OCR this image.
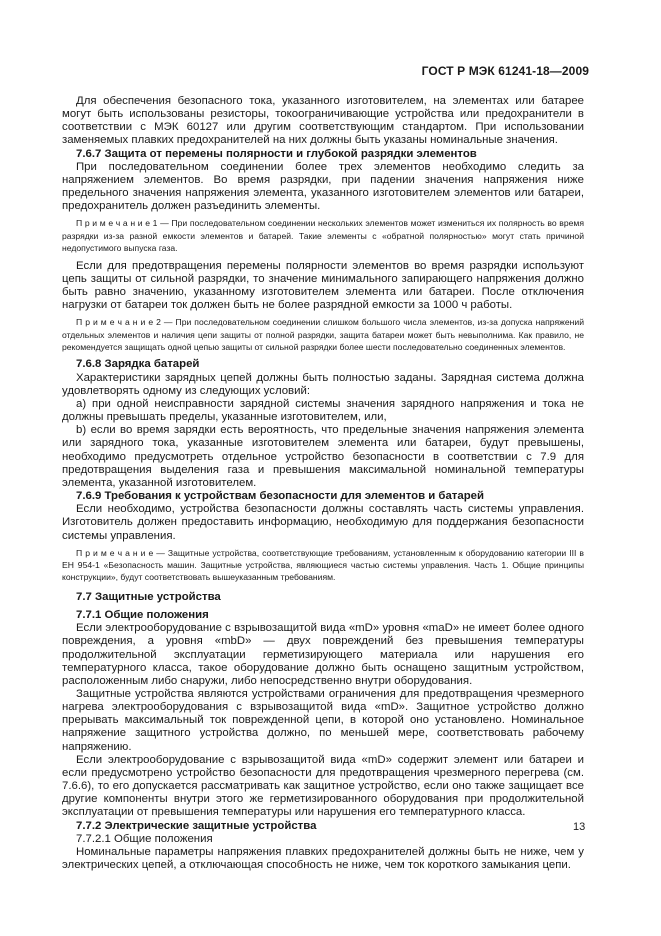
ГОСТ Р МЭК 61241-18—2009

Для обеспечения безопасного тока, указанного изготовителем, на элементах или батарее могут быть использованы резисторы, токоограничивающие устройства или предохранители в соответствии с МЭК 60127 или другим соответствующим стандартом. При использовании заменяемых плавких предохранителей на них должны быть указаны номинальные значения.

7.6.7 Защита от перемены полярности и глубокой разрядки элементов

При последовательном соединении более трех элементов необходимо следить за напряжением элементов. Во время разрядки, при падении значения напряжения ниже предельного значения напряжения элемента, указанного изготовителем элементов или батареи, предохранитель должен разъединить элементы.

П р и м е ч а н и е 1 — При последовательном соединении нескольких элементов может измениться их полярность во время разрядки из-за разной емкости элементов и батарей. Такие элементы с «обратной полярностью» могут стать причиной недопустимого выпуска газа.

Если для предотвращения перемены полярности элементов во время разрядки используют цепь защиты от сильной разрядки, то значение минимального запирающего напряжения должно быть равно значению, указанному изготовителем элемента или батареи. После отключения нагрузки от батареи ток должен быть не более разрядной емкости за 1000 ч работы.

П р и м е ч а н и е 2 — При последовательном соединении слишком большого числа элементов, из-за допуска напряжений отдельных элементов и наличия цепи защиты от полной разрядки, защита батареи может быть невыполнима. Как правило, не рекомендуется защищать одной цепью защиты от сильной разрядки более шести последовательно соединенных элементов.

7.6.8 Зарядка батарей

Характеристики зарядных цепей должны быть полностью заданы. Зарядная система должна удовлетворять одному из следующих условий:

а) при одной неисправности зарядной системы значения зарядного напряжения и тока не должны превышать пределы, указанные изготовителем, или,

b) если во время зарядки есть вероятность, что предельные значения напряжения элемента или зарядного тока, указанные изготовителем элемента или батареи, будут превышены, необходимо предусмотреть отдельное устройство безопасности в соответствии с 7.9 для предотвращения выделения газа и превышения максимальной номинальной температуры элемента, указанной изготовителем.

7.6.9 Требования к устройствам безопасности для элементов и батарей

Если необходимо, устройства безопасности должны составлять часть системы управления. Изготовитель должен предоставить информацию, необходимую для поддержания безопасности системы управления.

П р и м е ч а н и е — Защитные устройства, соответствующие требованиям, установленным к оборудованию категории III в ЕН 954-1 «Безопасность машин. Защитные устройства, являющиеся частью системы управления. Часть 1. Общие принципы конструкции», будут соответствовать вышеуказанным требованиям.

7.7 Защитные устройства

7.7.1 Общие положения

Если электрооборудование с взрывозащитой вида «mD» уровня «maD» не имеет более одного повреждения, а уровня «mbD» — двух повреждений без превышения температуры продолжительной эксплуатации герметизирующего материала или нарушения его температурного класса, такое оборудование должно быть оснащено защитным устройством, расположенным либо снаружи, либо непосредственно внутри оборудования.

Защитные устройства являются устройствами ограничения для предотвращения чрезмерного нагрева электрооборудования с взрывозащитой вида «mD». Защитное устройство должно прерывать максимальный ток поврежденной цепи, в которой оно установлено. Номинальное напряжение защитного устройства должно, по меньшей мере, соответствовать рабочему напряжению.

Если электрооборудование с взрывозащитой вида «mD» содержит элемент или батареи и если предусмотрено устройство безопасности для предотвращения чрезмерного перегрева (см. 7.6.6), то его допускается рассматривать как защитное устройство, если оно также защищает все другие компоненты внутри этого же герметизированного оборудования при продолжительной эксплуатации от превышения температуры или нарушения его температурного класса.

7.7.2 Электрические защитные устройства

7.7.2.1 Общие положения

Номинальные параметры напряжения плавких предохранителей должны быть не ниже, чем у электрических цепей, а отключающая способность не ниже, чем ток короткого замыкания цепи.

13
